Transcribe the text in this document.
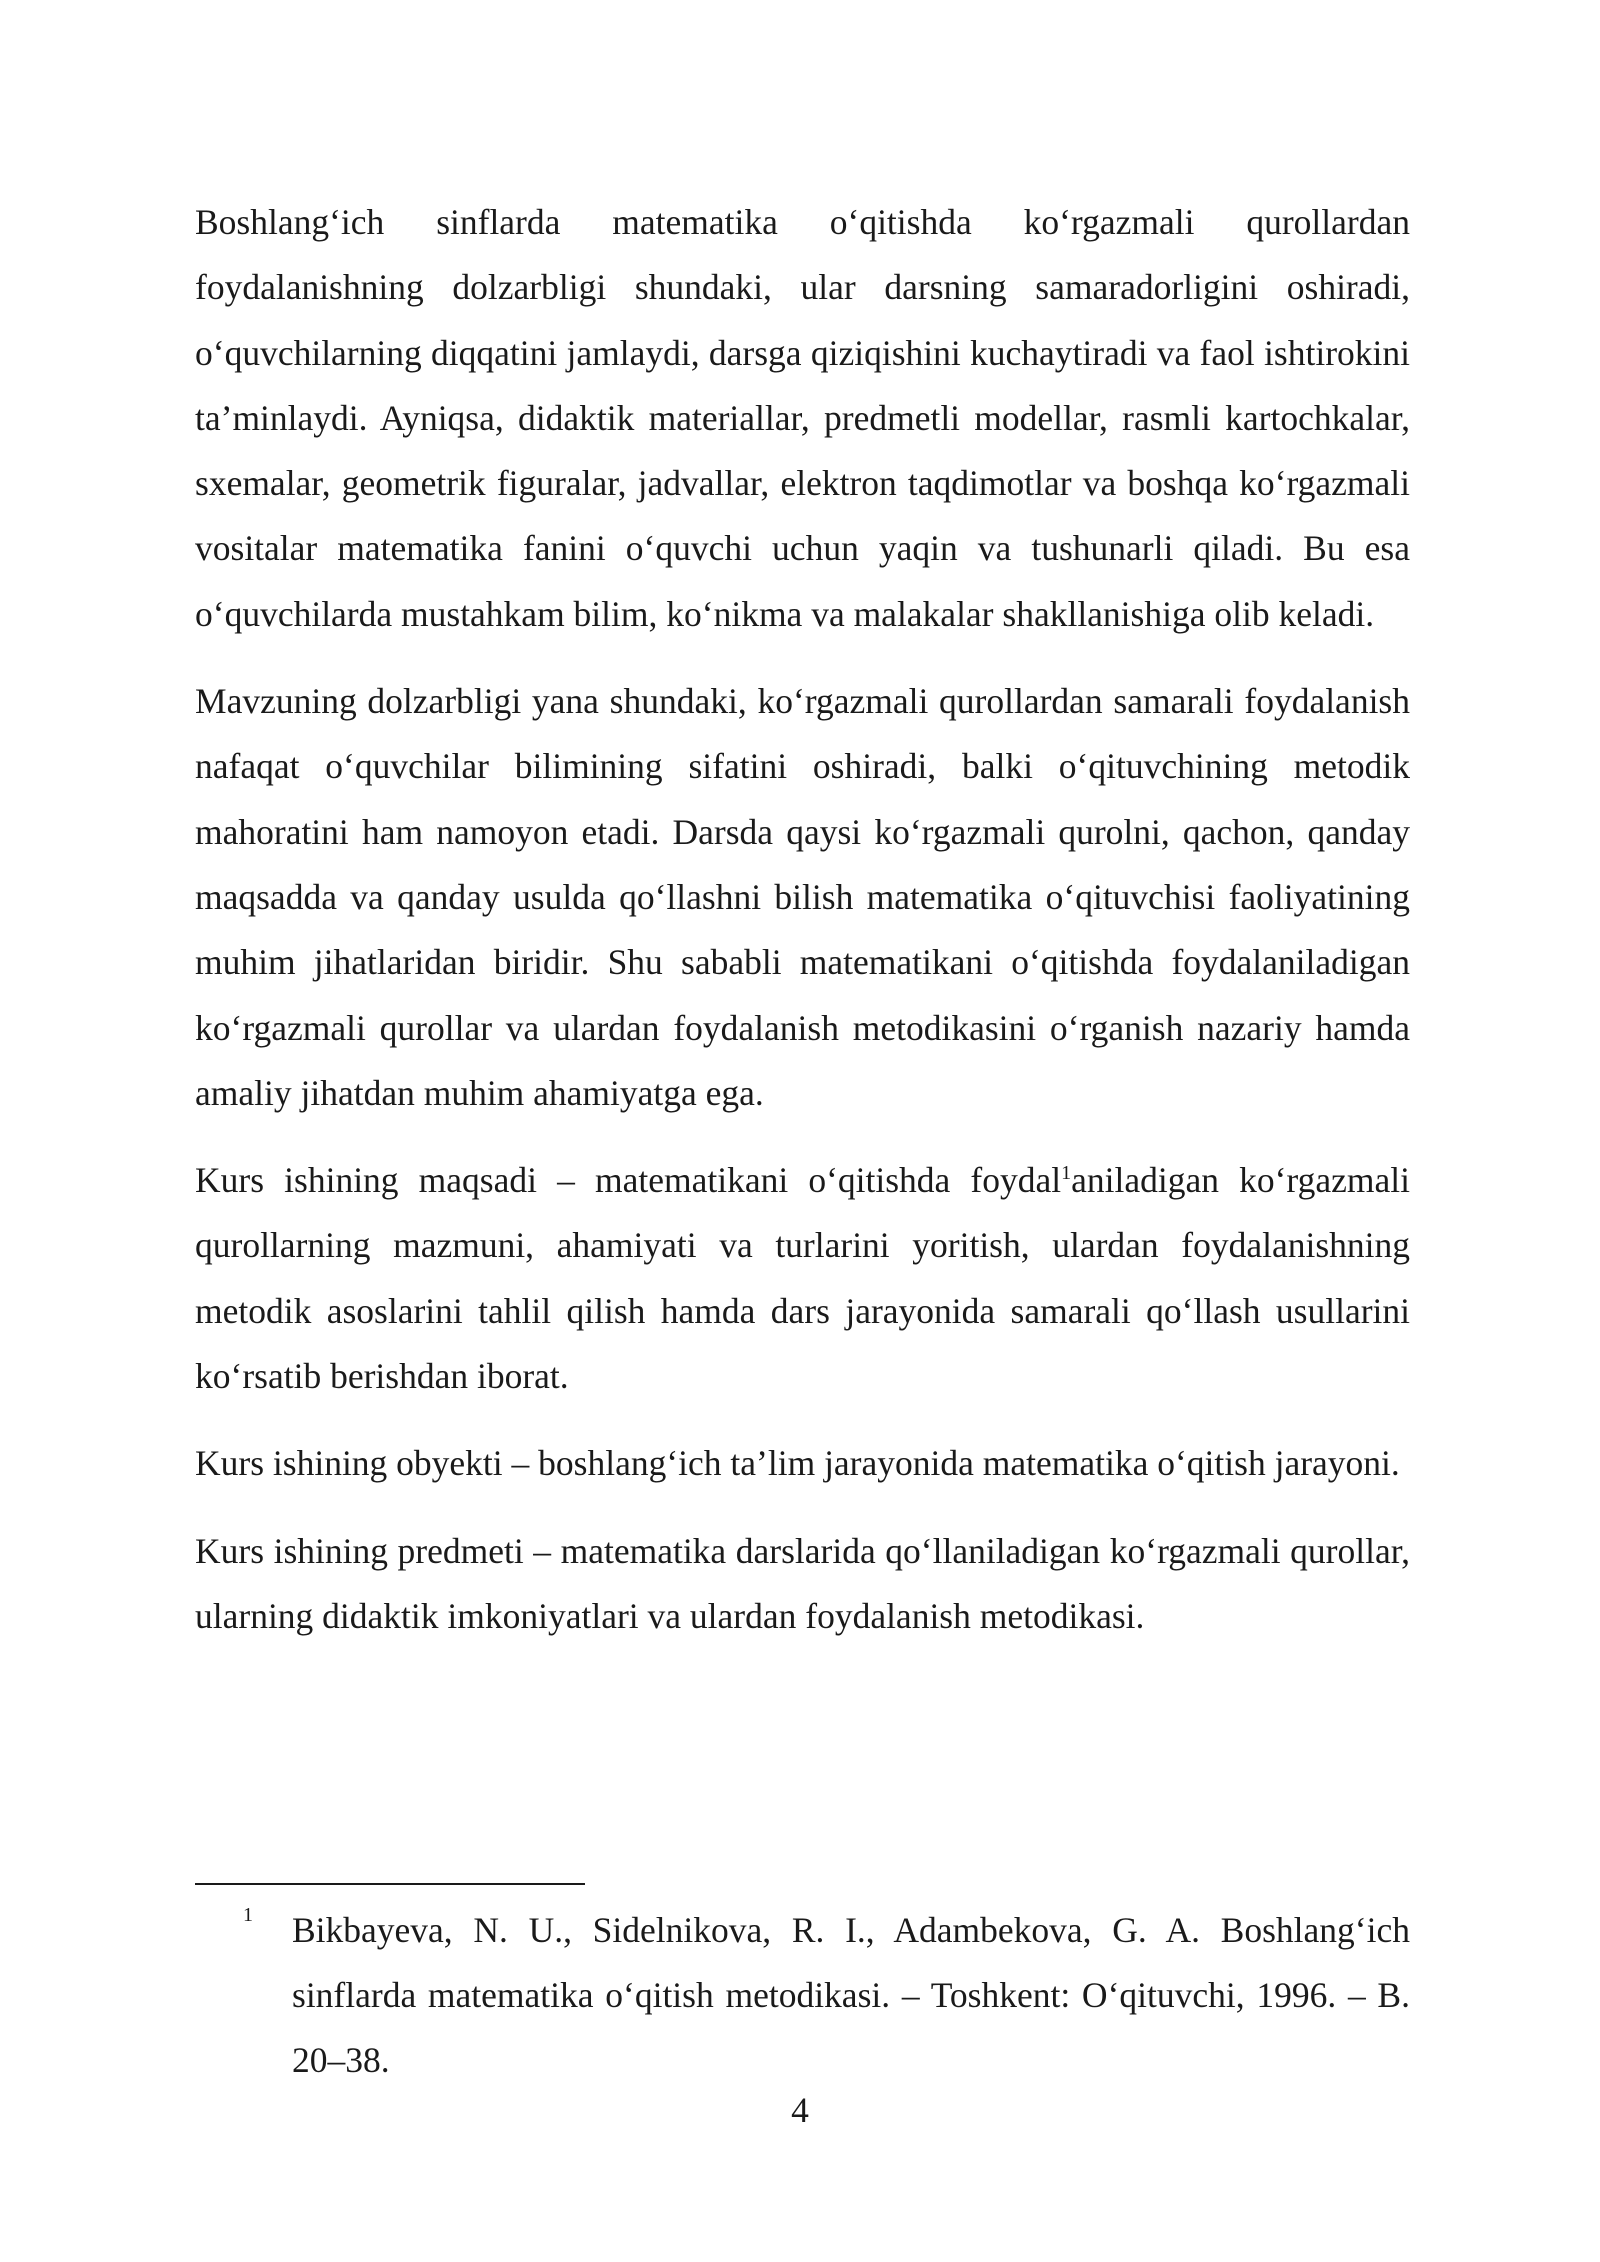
Boshlang‘ich sinflarda matematika o‘qitishda ko‘rgazmali qurollardan foydalanishning dolzarbligi shundaki, ular darsning samaradorligini oshiradi, o‘quvchilarning diqqatini jamlaydi, darsga qiziqishini kuchaytiradi va faol ishtirokini ta’minlaydi. Ayniqsa, didaktik materiallar, predmetli modellar, rasmli kartochkalar, sxemalar, geometrik figuralar, jadvallar, elektron taqdimotlar va boshqa ko‘rgazmali vositalar matematika fanini o‘quvchi uchun yaqin va tushunarli qiladi. Bu esa o‘quvchilarda mustahkam bilim, ko‘nikma va malakalar shakllanishiga olib keladi.

Mavzuning dolzarbligi yana shundaki, ko‘rgazmali qurollardan samarali foydalanish nafaqat o‘quvchilar bilimining sifatini oshiradi, balki o‘qituvchining metodik mahoratini ham namoyon etadi. Darsda qaysi ko‘rgazmali qurolni, qachon, qanday maqsadda va qanday usulda qo‘llashni bilish matematika o‘qituvchisi faoliyatining muhim jihatlaridan biridir. Shu sababli matematikani o‘qitishda foydalaniladigan ko‘rgazmali qurollar va ulardan foydalanish metodikasini o‘rganish nazariy hamda amaliy jihatdan muhim ahamiyatga ega.

Kurs ishining maqsadi – matematikani o‘qitishda foydal$^1$aniladigan ko‘rgazmali qurollarning mazmuni, ahamiyati va turlarini yoritish, ulardan foydalanishning metodik asoslarini tahlil qilish hamda dars jarayonida samarali qo‘llash usullarini ko‘rsatib berishdan iborat.

Kurs ishining obyekti – boshlang‘ich ta’lim jarayonida matematika o‘qitish jarayoni.

Kurs ishining predmeti – matematika darslarida qo‘llaniladigan ko‘rgazmali qurollar, ularning didaktik imkoniyatlari va ulardan foydalanish metodikasi.

1 Bikbayeva, N. U., Sidelnikova, R. I., Adambekova, G. A. Boshlang‘ich sinflarda matematika o‘qitish metodikasi. – Toshkent: O‘qituvchi, 1996. – B. 20–38.
4
